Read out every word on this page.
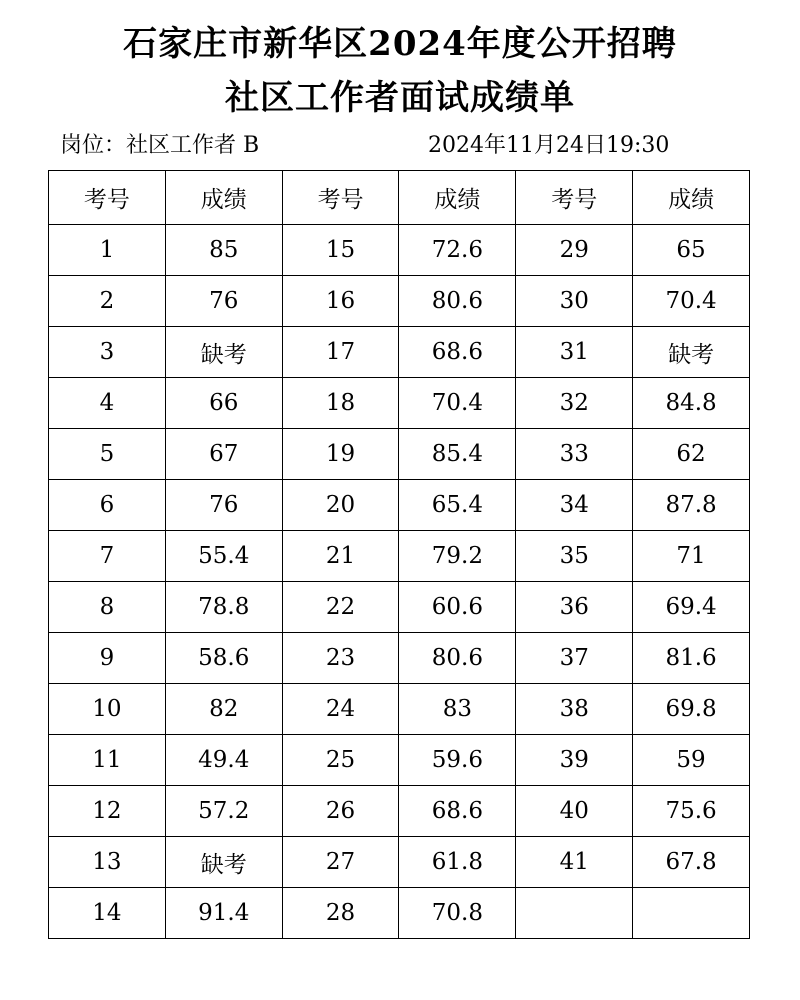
石家庄市新华区2024年度公开招聘
社区工作者面试成绩单
岗位：社区工作者 B	2024年11月24日19:30
考号	成绩	考号	成绩	考号	成绩
1	85	15	72.6	29	65
2	76	16	80.6	30	70.4
3	缺考	17	68.6	31	缺考
4	66	18	70.4	32	84.8
5	67	19	85.4	33	62
6	76	20	65.4	34	87.8
7	55.4	21	79.2	35	71
8	78.8	22	60.6	36	69.4
9	58.6	23	80.6	37	81.6
10	82	24	83	38	69.8
11	49.4	25	59.6	39	59
12	57.2	26	68.6	40	75.6
13	缺考	27	61.8	41	67.8
14	91.4	28	70.8		
